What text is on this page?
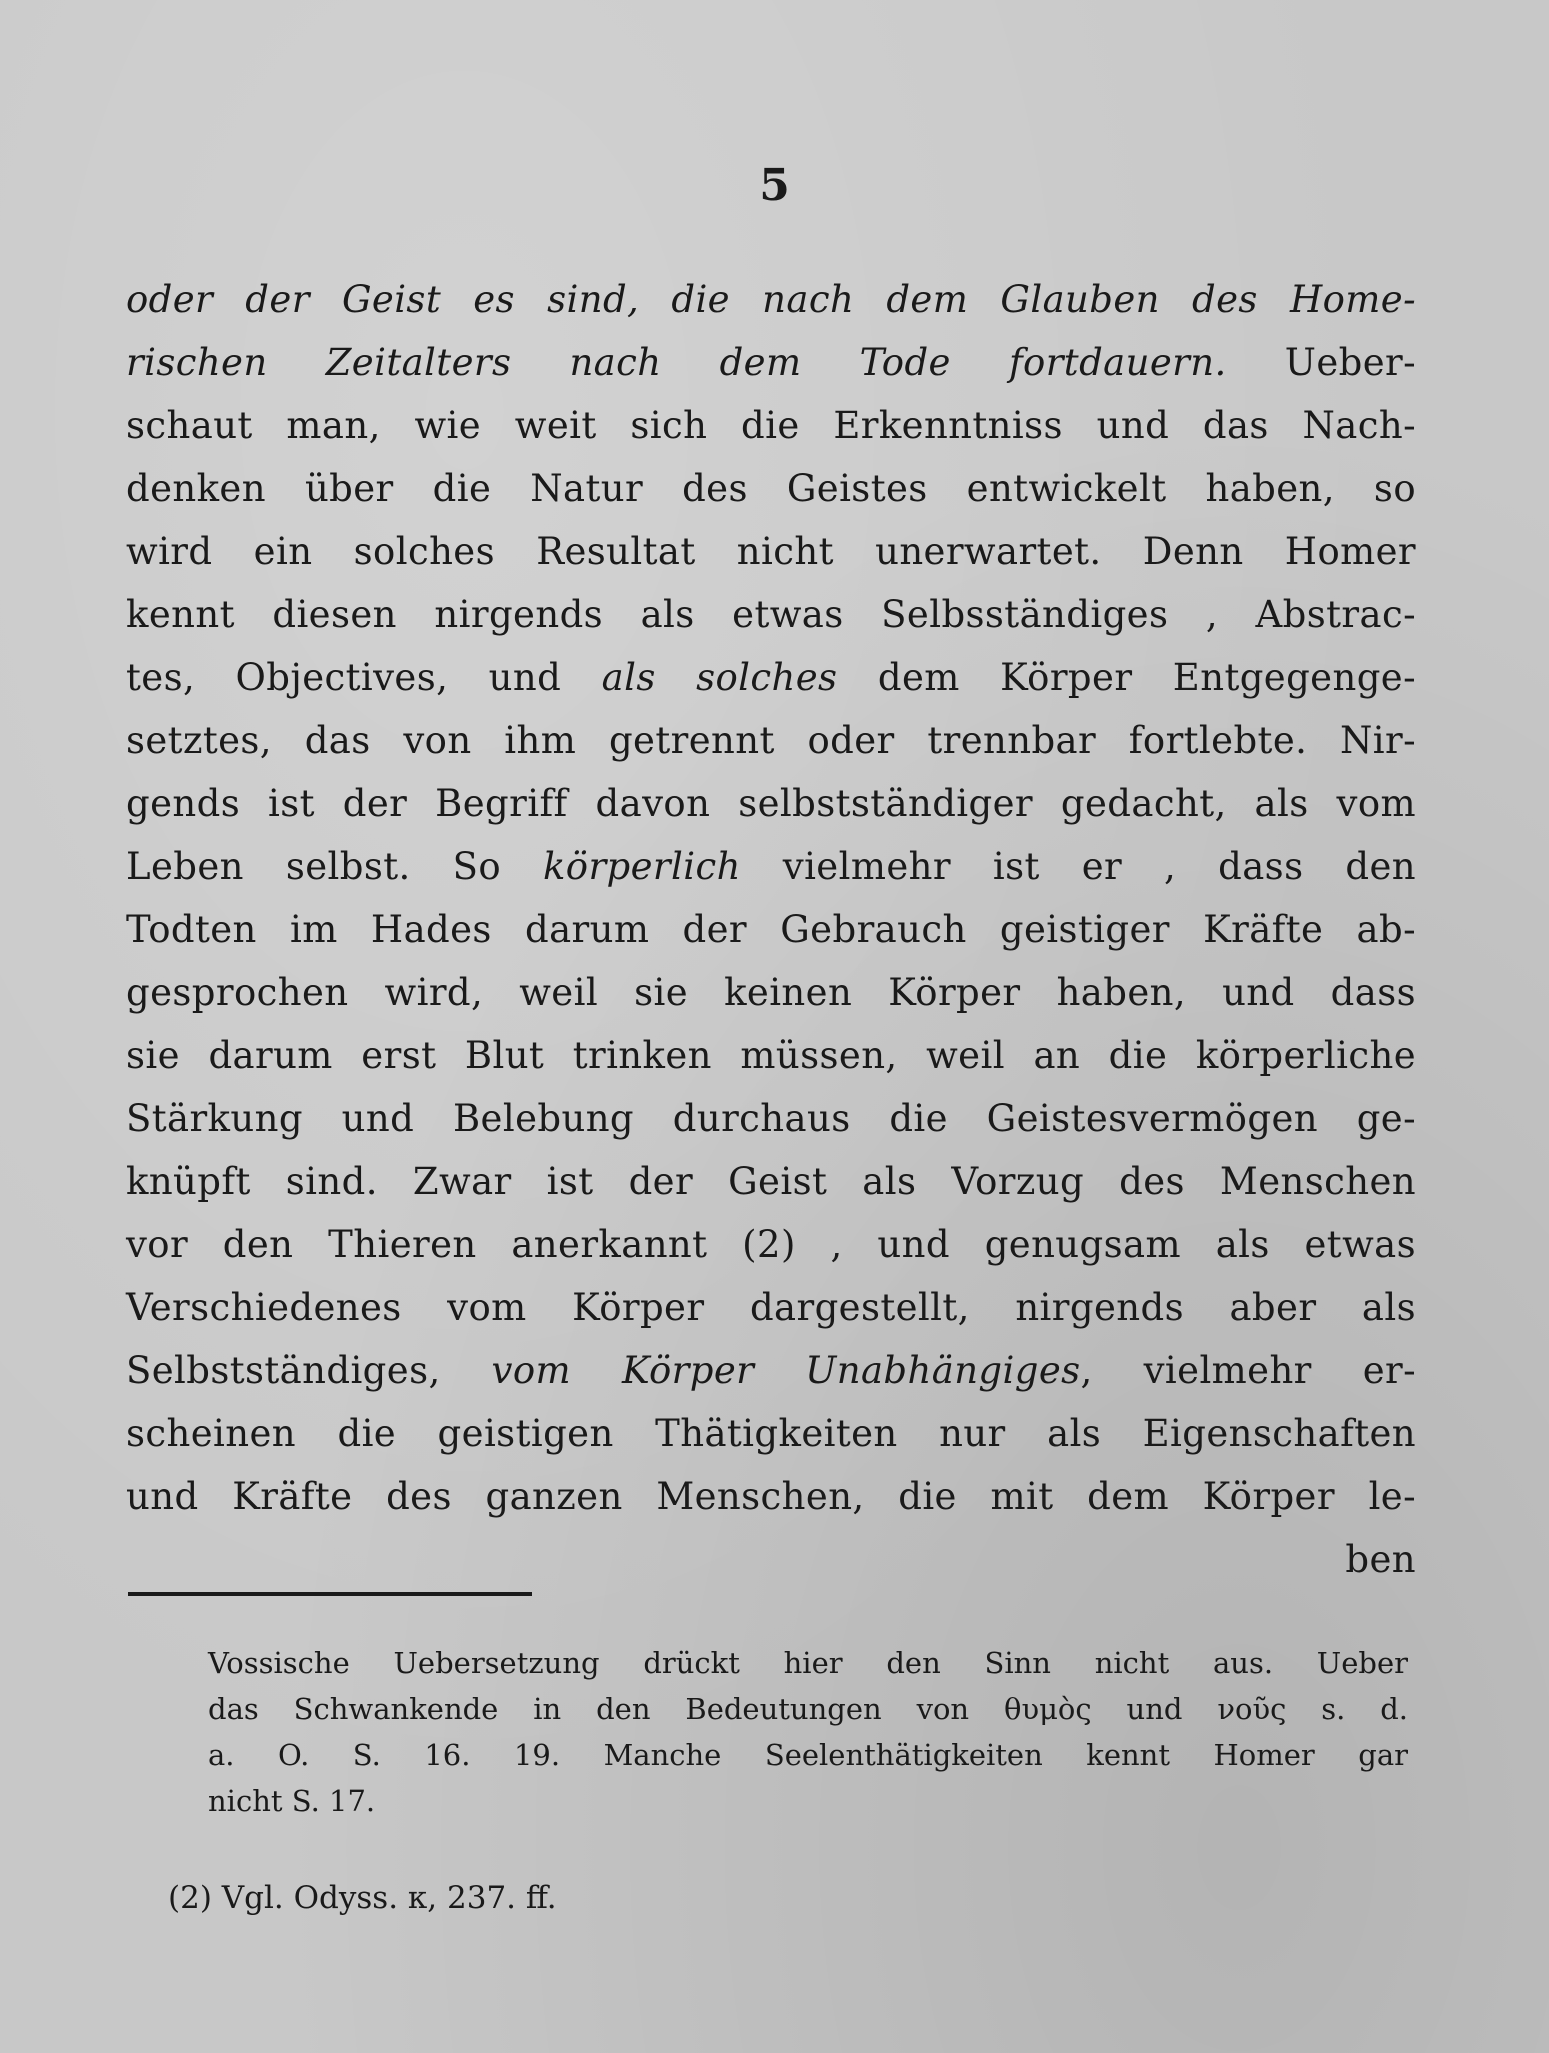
5
oder der Geist es sind, die nach dem Glauben des Home-
rischen Zeitalters nach dem Tode fortdauern. Ueber-
schaut man, wie weit sich die Erkenntniss und das Nach-
denken über die Natur des Geistes entwickelt haben, so
wird ein solches Resultat nicht unerwartet. Denn Homer
kennt diesen nirgends als etwas Selbsständiges , Abstrac-
tes, Objectives, und als solches dem Körper Entgegenge-
setztes, das von ihm getrennt oder trennbar fortlebte. Nir-
gends ist der Begriff davon selbstständiger gedacht, als vom
Leben selbst. So körperlich vielmehr ist er , dass den
Todten im Hades darum der Gebrauch geistiger Kräfte ab-
gesprochen wird, weil sie keinen Körper haben, und dass
sie darum erst Blut trinken müssen, weil an die körperliche
Stärkung und Belebung durchaus die Geistesvermögen ge-
knüpft sind. Zwar ist der Geist als Vorzug des Menschen
vor den Thieren anerkannt (2) , und genugsam als etwas
Verschiedenes vom Körper dargestellt, nirgends aber als
Selbstständiges, vom Körper Unabhängiges, vielmehr er-
scheinen die geistigen Thätigkeiten nur als Eigenschaften
und Kräfte des ganzen Menschen, die mit dem Körper le-
ben
Vossische Uebersetzung drückt hier den Sinn nicht aus. Ueber
das Schwankende in den Bedeutungen von θυμὸς und νοῦς s. d.
a. O. S. 16. 19. Manche Seelenthätigkeiten kennt Homer gar
nicht S. 17.
(2) Vgl. Odyss. κ, 237. ff.
